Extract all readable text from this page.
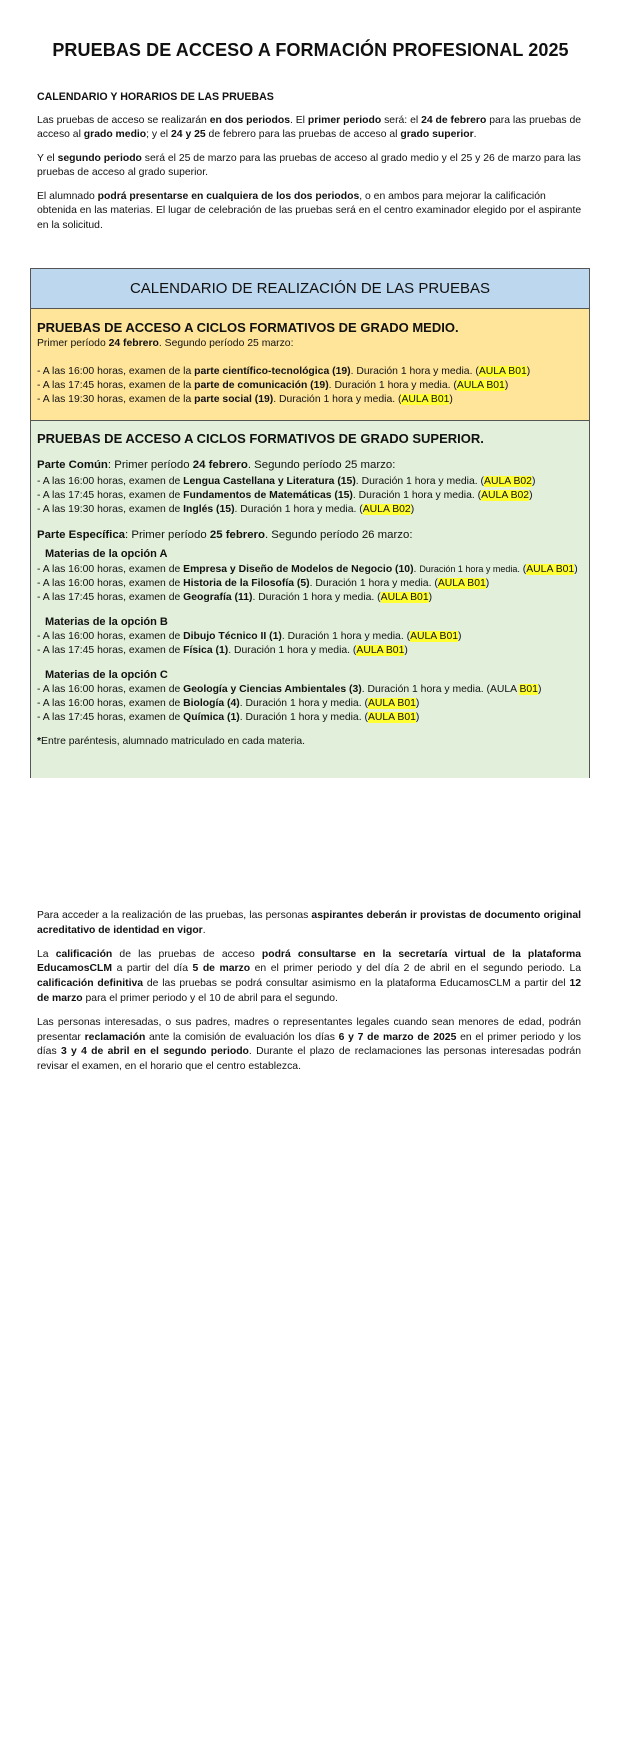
PRUEBAS DE ACCESO A FORMACIÓN PROFESIONAL 2025
CALENDARIO Y HORARIOS DE LAS PRUEBAS

Las pruebas de acceso se realizarán en dos periodos. El primer periodo será: el 24 de febrero para las pruebas de acceso al grado medio; y el 24 y 25 de febrero para las pruebas de acceso al grado superior.

Y el segundo periodo será el 25 de marzo para las pruebas de acceso al grado medio y el 25 y 26 de marzo para las pruebas de acceso al grado superior.

El alumnado podrá presentarse en cualquiera de los dos periodos, o en ambos para mejorar la calificación obtenida en las materias. El lugar de celebración de las pruebas será en el centro examinador elegido por el aspirante en la solicitud.

CALENDARIO DE REALIZACIÓN DE LAS PRUEBAS
PRUEBAS DE ACCESO A CICLOS FORMATIVOS DE GRADO MEDIO.
Primer período 24 febrero. Segundo período 25 marzo:
- A las 16:00 horas, examen de la parte científico-tecnológica (19). Duración 1 hora y media. (AULA B01)
- A las 17:45 horas, examen de la parte de comunicación (19). Duración 1 hora y media. (AULA B01)
- A las 19:30 horas, examen de la parte social (19). Duración 1 hora y media. (AULA B01)
PRUEBAS DE ACCESO A CICLOS FORMATIVOS DE GRADO SUPERIOR.
Parte Común: Primer período 24 febrero. Segundo período 25 marzo:
- A las 16:00 horas, examen de Lengua Castellana y Literatura (15). Duración 1 hora y media. (AULA B02)
- A las 17:45 horas, examen de Fundamentos de Matemáticas (15). Duración 1 hora y media. (AULA B02)
- A las 19:30 horas, examen de Inglés (15). Duración 1 hora y media. (AULA B02)
Parte Específica: Primer período 25 febrero. Segundo período 26 marzo:
Materias de la opción A
- A las 16:00 horas, examen de Empresa y Diseño de Modelos de Negocio (10). Duración 1 hora y media. (AULA B01)
- A las 16:00 horas, examen de Historia de la Filosofía (5). Duración 1 hora y media. (AULA B01)
- A las 17:45 horas, examen de Geografía (11). Duración 1 hora y media. (AULA B01)
Materias de la opción B
- A las 16:00 horas, examen de Dibujo Técnico II (1). Duración 1 hora y media. (AULA B01)
- A las 17:45 horas, examen de Física (1). Duración 1 hora y media. (AULA B01)
Materias de la opción C
- A las 16:00 horas, examen de Geología y Ciencias Ambientales (3). Duración 1 hora y media. (AULA B01)
- A las 16:00 horas, examen de Biología (4). Duración 1 hora y media. (AULA B01)
- A las 17:45 horas, examen de Química (1). Duración 1 hora y media. (AULA B01)
*Entre paréntesis, alumnado matriculado en cada materia.

Para acceder a la realización de las pruebas, las personas aspirantes deberán ir provistas de documento original acreditativo de identidad en vigor.

La calificación de las pruebas de acceso podrá consultarse en la secretaría virtual de la plataforma EducamosCLM a partir del día 5 de marzo en el primer periodo y del día 2 de abril en el segundo periodo. La calificación definitiva de las pruebas se podrá consultar asimismo en la plataforma EducamosCLM a partir del 12 de marzo para el primer periodo y el 10 de abril para el segundo.

Las personas interesadas, o sus padres, madres o representantes legales cuando sean menores de edad, podrán presentar reclamación ante la comisión de evaluación los días 6 y 7 de marzo de 2025 en el primer periodo y los días 3 y 4 de abril en el segundo periodo. Durante el plazo de reclamaciones las personas interesadas podrán revisar el examen, en el horario que el centro establezca.
